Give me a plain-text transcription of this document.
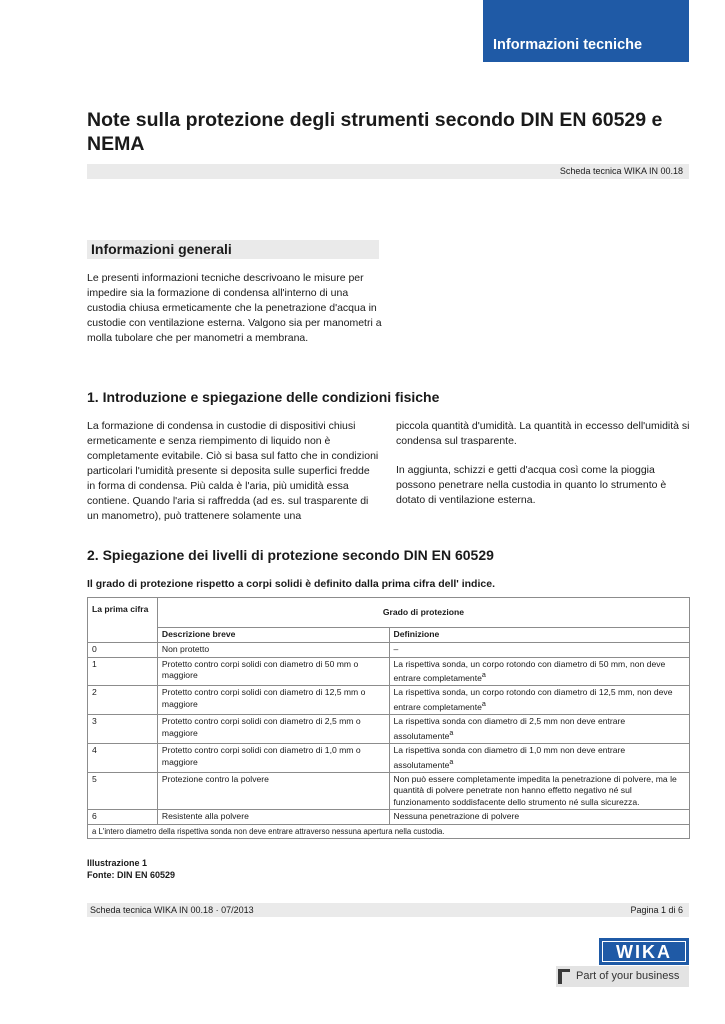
Informazioni tecniche
Note sulla protezione degli strumenti secondo DIN EN 60529 e NEMA
Scheda tecnica WIKA IN 00.18
Informazioni generali

Le presenti informazioni tecniche descrivoano le misure per impedire sia la formazione di condensa all'interno di una custodia chiusa ermeticamente che la penetrazione d'acqua in custodie con ventilazione esterna. Valgono sia per manometri a molla tubolare che per manometri a membrana.

1. Introduzione e spiegazione delle condizioni fisiche

La formazione di condensa in custodie di dispositivi chiusi ermeticamente e senza riempimento di liquido non è completamente evitabile. Ciò si basa sul fatto che in condizioni particolari l'umidità presente si deposita sulle superfici fredde in forma di condensa. Più calda è l'aria, più umidità essa contiene. Quando l'aria si raffredda (ad es. sul trasparente di un manometro), può trattenere solamente una

piccola quantità d'umidità. La quantità in eccesso dell'umidità si condensa sul trasparente.

In aggiunta, schizzi e getti d'acqua così come la pioggia possono penetrare nella custodia in quanto lo strumento è dotato di ventilazione esterna.

2. Spiegazione dei livelli di protezione secondo DIN EN 60529
Il grado di protezione rispetto a corpi solidi è definito dalla prima cifra dell' indice.
La prima cifra	Grado di protezione	
	Descrizione breve	Definizione
0	Non protetto	–
1	Protetto contro corpi solidi con diametro di 50 mm o maggiore	La rispettiva sonda, un corpo rotondo con diametro di 50 mm, non deve entrare completamente$^a$
2	Protetto contro corpi solidi con diametro di 12,5 mm o maggiore	La rispettiva sonda, un corpo rotondo con diametro di 12,5 mm, non deve entrare completamente$^a$
3	Protetto contro corpi solidi con diametro di 2,5 mm o maggiore	La rispettiva sonda con diametro di 2,5 mm non deve entrare assolutamente$^a$
4	Protetto contro corpi solidi con diametro di 1,0 mm o maggiore	La rispettiva sonda con diametro di 1,0 mm non deve entrare assolutamente$^a$
5	Protezione contro la polvere	Non può essere completamente impedita la penetrazione di polvere, ma le quantità di polvere penetrate non hanno effetto negativo né sul funzionamento soddisfacente dello strumento né sulla sicurezza.
6	Resistente alla polvere	Nessuna penetrazione di polvere
a L'intero diametro della rispettiva sonda non deve entrare attraverso nessuna apertura nella custodia.		
Illustrazione 1
Fonte: DIN EN 60529
Scheda tecnica WIKA IN 00.18 · 07/2013	Pagina 1 di 6
WIKA
Part of your business
